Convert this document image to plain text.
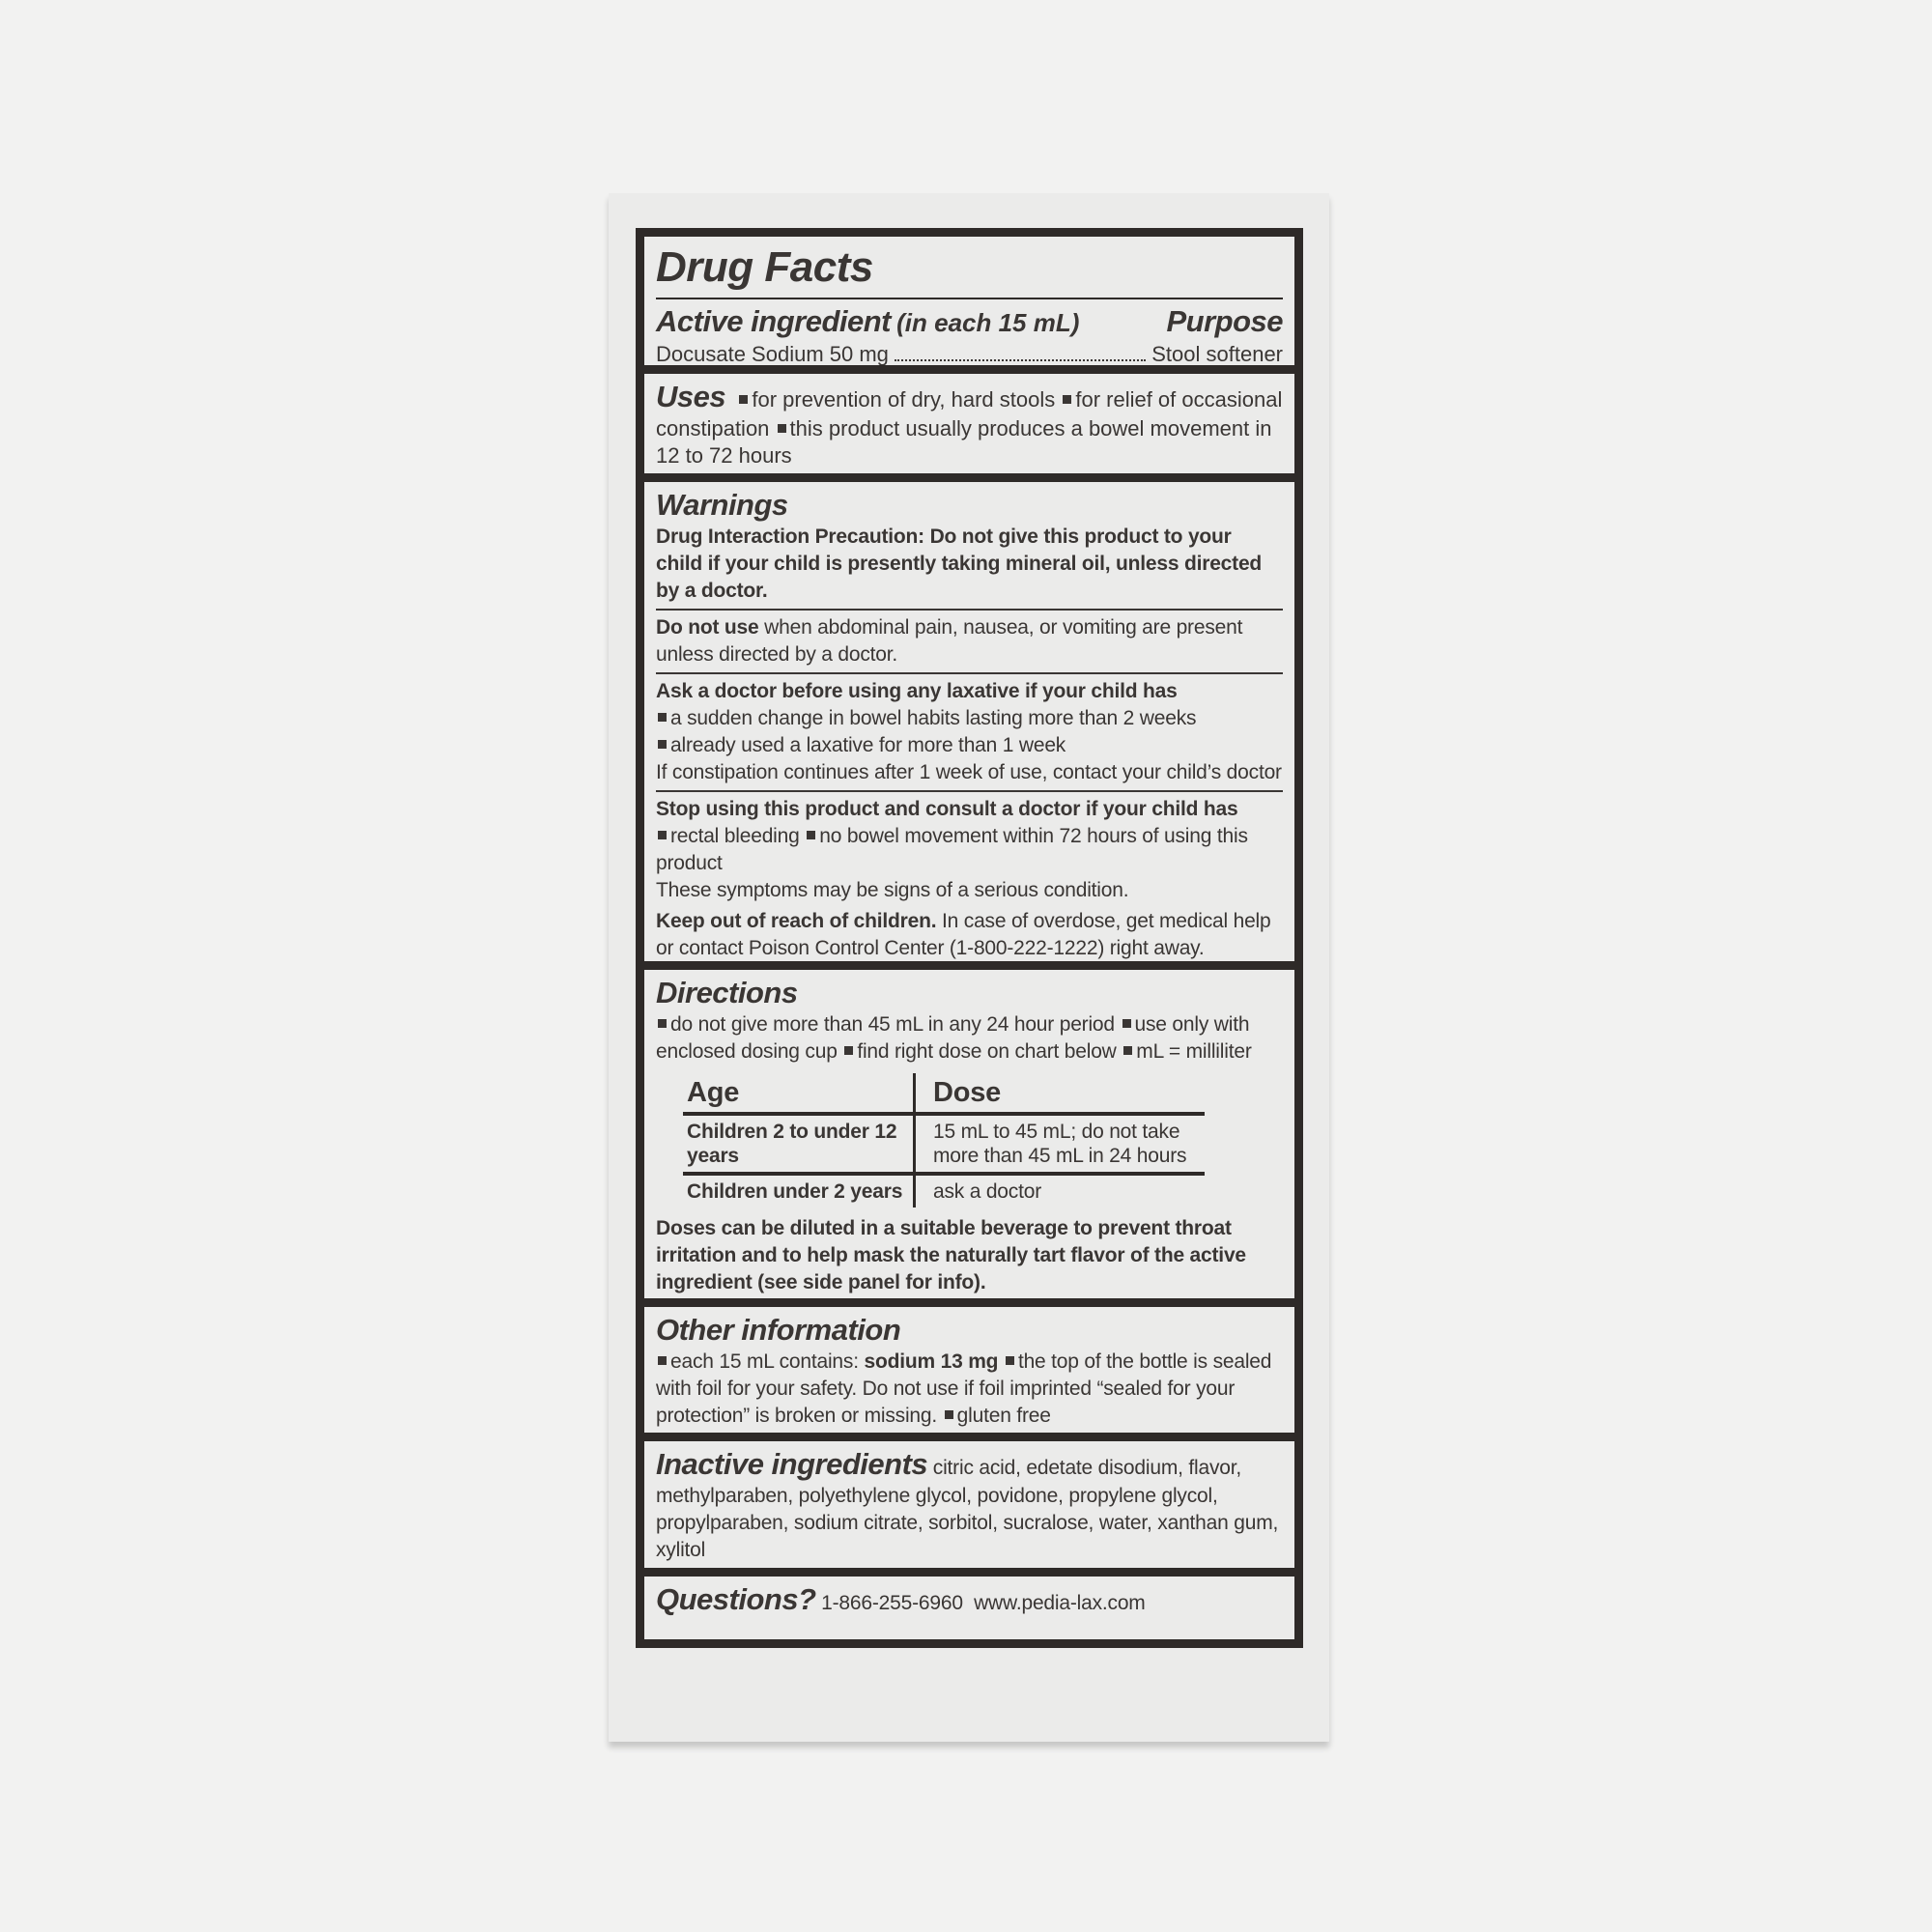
Drug Facts
Active ingredient (in each 15 mL)	Purpose
Docusate Sodium 50 mg	Stool softener
Uses for prevention of dry, hard stools for relief of occasional constipation this product usually produces a bowel movement in 12 to 72 hours
Warnings
Drug Interaction Precaution: Do not give this product to your child if your child is presently taking mineral oil, unless directed by a doctor.
Do not use when abdominal pain, nausea, or vomiting are present unless directed by a doctor.
Ask a doctor before using any laxative if your child has
a sudden change in bowel habits lasting more than 2 weeks
already used a laxative for more than 1 week
If constipation continues after 1 week of use, contact your child’s doctor
Stop using this product and consult a doctor if your child has
rectal bleeding no bowel movement within 72 hours of using this product
These symptoms may be signs of a serious condition.
Keep out of reach of children. In case of overdose, get medical help or contact Poison Control Center (1-800-222-1222) right away.
Directions
do not give more than 45 mL in any 24 hour period use only with enclosed dosing cup find right dose on chart below mL = milliliter
Age	Dose
Children 2 to under 12 years	15 mL to 45 mL; do not take more than 45 mL in 24 hours
Children under 2 years	ask a doctor
Doses can be diluted in a suitable beverage to prevent throat irritation and to help mask the naturally tart flavor of the active ingredient (see side panel for info).
Other information
each 15 mL contains: sodium 13 mg the top of the bottle is sealed with foil for your safety. Do not use if foil imprinted “sealed for your protection” is broken or missing. gluten free
Inactive ingredients citric acid, edetate disodium, flavor, methylparaben, polyethylene glycol, povidone, propylene glycol, propylparaben, sodium citrate, sorbitol, sucralose, water, xanthan gum, xylitol
Questions? 1-866-255-6960 www.pedia-lax.com
